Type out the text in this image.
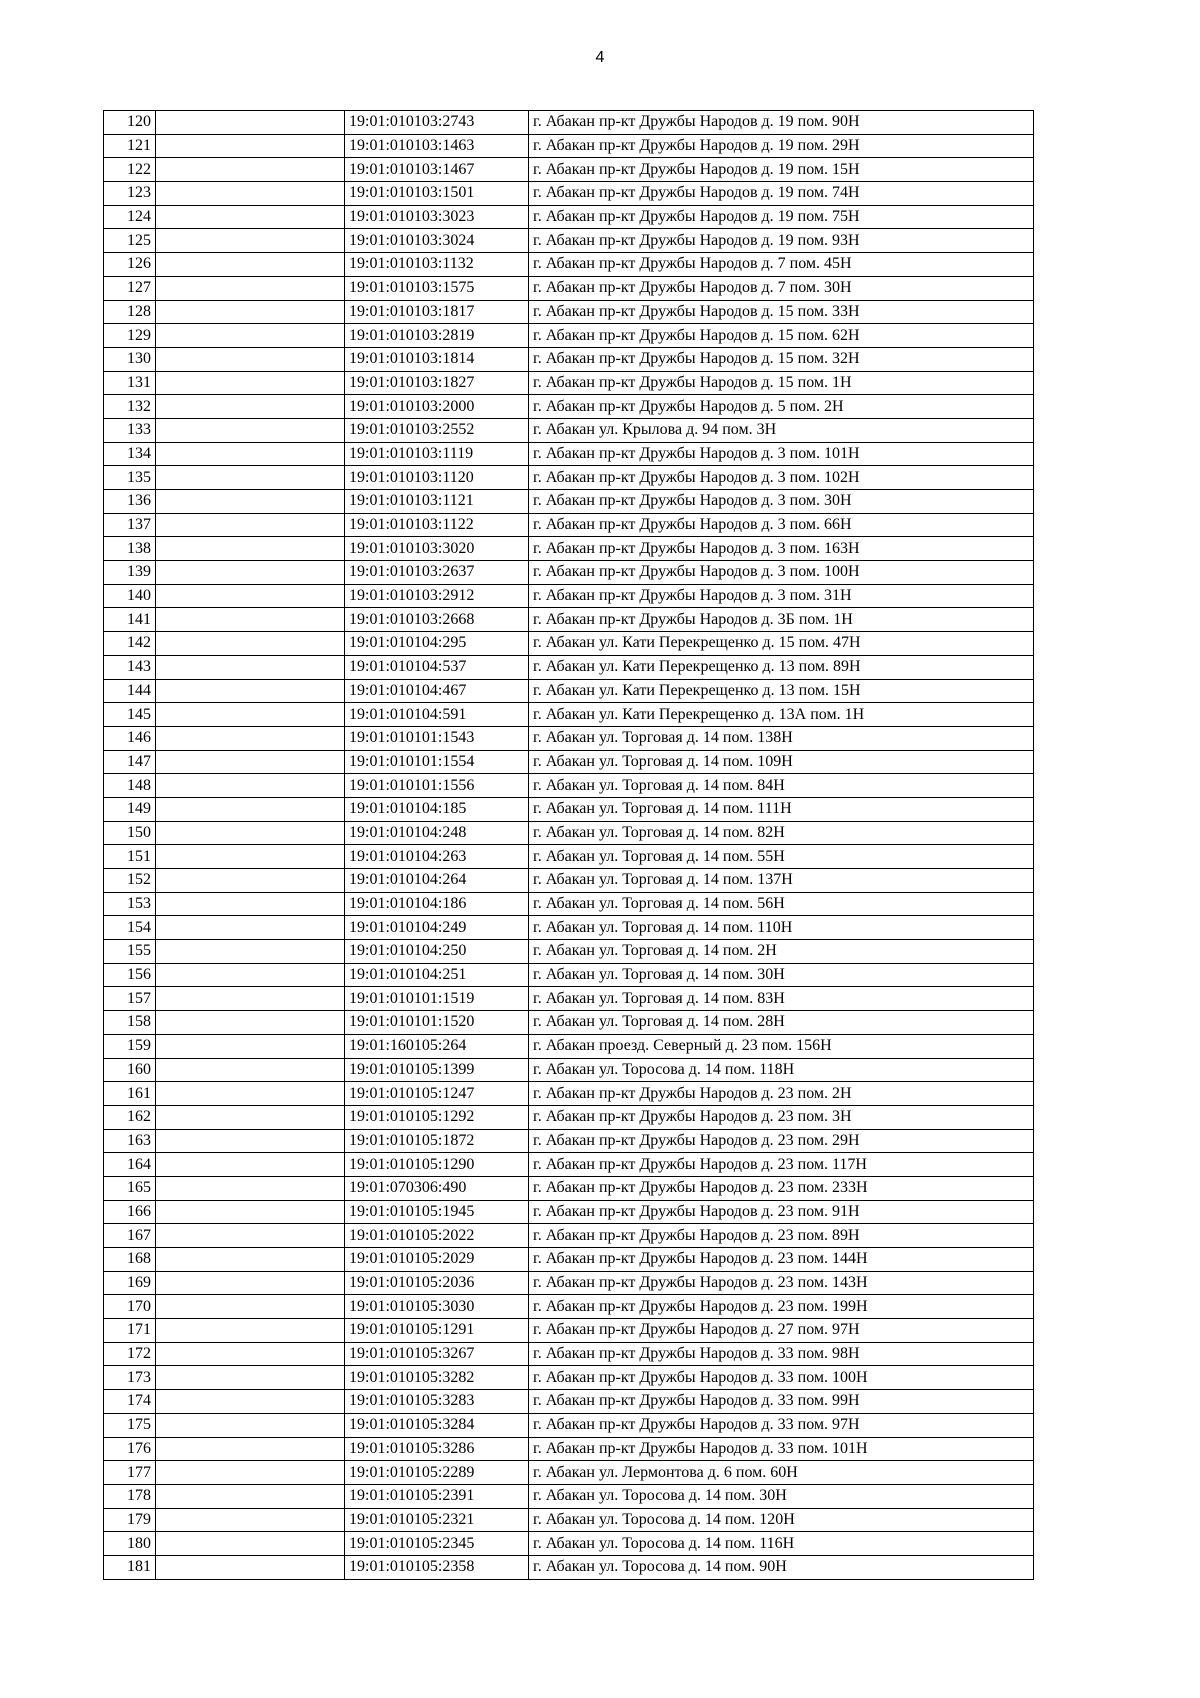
4
120		19:01:010103:2743	г. Абакан пр-кт Дружбы Народов д. 19 пом. 90Н
121		19:01:010103:1463	г. Абакан пр-кт Дружбы Народов д. 19 пом. 29Н
122		19:01:010103:1467	г. Абакан пр-кт Дружбы Народов д. 19 пом. 15Н
123		19:01:010103:1501	г. Абакан пр-кт Дружбы Народов д. 19 пом. 74Н
124		19:01:010103:3023	г. Абакан пр-кт Дружбы Народов д. 19 пом. 75Н
125		19:01:010103:3024	г. Абакан пр-кт Дружбы Народов д. 19 пом. 93Н
126		19:01:010103:1132	г. Абакан пр-кт Дружбы Народов д. 7 пом. 45Н
127		19:01:010103:1575	г. Абакан пр-кт Дружбы Народов д. 7 пом. 30Н
128		19:01:010103:1817	г. Абакан пр-кт Дружбы Народов д. 15 пом. 33Н
129		19:01:010103:2819	г. Абакан пр-кт Дружбы Народов д. 15 пом. 62Н
130		19:01:010103:1814	г. Абакан пр-кт Дружбы Народов д. 15 пом. 32Н
131		19:01:010103:1827	г. Абакан пр-кт Дружбы Народов д. 15 пом. 1Н
132		19:01:010103:2000	г. Абакан пр-кт Дружбы Народов д. 5 пом. 2Н
133		19:01:010103:2552	г. Абакан ул. Крылова д. 94 пом. 3Н
134		19:01:010103:1119	г. Абакан пр-кт Дружбы Народов д. 3 пом. 101Н
135		19:01:010103:1120	г. Абакан пр-кт Дружбы Народов д. 3 пом. 102Н
136		19:01:010103:1121	г. Абакан пр-кт Дружбы Народов д. 3 пом. 30Н
137		19:01:010103:1122	г. Абакан пр-кт Дружбы Народов д. 3 пом. 66Н
138		19:01:010103:3020	г. Абакан пр-кт Дружбы Народов д. 3 пом. 163Н
139		19:01:010103:2637	г. Абакан пр-кт Дружбы Народов д. 3 пом. 100Н
140		19:01:010103:2912	г. Абакан пр-кт Дружбы Народов д. 3 пом. 31Н
141		19:01:010103:2668	г. Абакан пр-кт Дружбы Народов д. 3Б пом. 1Н
142		19:01:010104:295	г. Абакан ул. Кати Перекрещенко д. 15 пом. 47Н
143		19:01:010104:537	г. Абакан ул. Кати Перекрещенко д. 13 пом. 89Н
144		19:01:010104:467	г. Абакан ул. Кати Перекрещенко д. 13 пом. 15Н
145		19:01:010104:591	г. Абакан ул. Кати Перекрещенко д. 13А пом. 1Н
146		19:01:010101:1543	г. Абакан ул. Торговая д. 14 пом. 138Н
147		19:01:010101:1554	г. Абакан ул. Торговая д. 14 пом. 109Н
148		19:01:010101:1556	г. Абакан ул. Торговая д. 14 пом. 84Н
149		19:01:010104:185	г. Абакан ул. Торговая д. 14 пом. 111Н
150		19:01:010104:248	г. Абакан ул. Торговая д. 14 пом. 82Н
151		19:01:010104:263	г. Абакан ул. Торговая д. 14 пом. 55Н
152		19:01:010104:264	г. Абакан ул. Торговая д. 14 пом. 137Н
153		19:01:010104:186	г. Абакан ул. Торговая д. 14 пом. 56Н
154		19:01:010104:249	г. Абакан ул. Торговая д. 14 пом. 110Н
155		19:01:010104:250	г. Абакан ул. Торговая д. 14 пом. 2Н
156		19:01:010104:251	г. Абакан ул. Торговая д. 14 пом. 30Н
157		19:01:010101:1519	г. Абакан ул. Торговая д. 14 пом. 83Н
158		19:01:010101:1520	г. Абакан ул. Торговая д. 14 пом. 28Н
159		19:01:160105:264	г. Абакан проезд. Северный д. 23 пом. 156Н
160		19:01:010105:1399	г. Абакан ул. Торосова д. 14 пом. 118Н
161		19:01:010105:1247	г. Абакан пр-кт Дружбы Народов д. 23 пом. 2Н
162		19:01:010105:1292	г. Абакан пр-кт Дружбы Народов д. 23 пом. 3Н
163		19:01:010105:1872	г. Абакан пр-кт Дружбы Народов д. 23 пом. 29Н
164		19:01:010105:1290	г. Абакан пр-кт Дружбы Народов д. 23 пом. 117Н
165		19:01:070306:490	г. Абакан пр-кт Дружбы Народов д. 23 пом. 233Н
166		19:01:010105:1945	г. Абакан пр-кт Дружбы Народов д. 23 пом. 91Н
167		19:01:010105:2022	г. Абакан пр-кт Дружбы Народов д. 23 пом. 89Н
168		19:01:010105:2029	г. Абакан пр-кт Дружбы Народов д. 23 пом. 144Н
169		19:01:010105:2036	г. Абакан пр-кт Дружбы Народов д. 23 пом. 143Н
170		19:01:010105:3030	г. Абакан пр-кт Дружбы Народов д. 23 пом. 199Н
171		19:01:010105:1291	г. Абакан пр-кт Дружбы Народов д. 27 пом. 97Н
172		19:01:010105:3267	г. Абакан пр-кт Дружбы Народов д. 33 пом. 98Н
173		19:01:010105:3282	г. Абакан пр-кт Дружбы Народов д. 33 пом. 100Н
174		19:01:010105:3283	г. Абакан пр-кт Дружбы Народов д. 33 пом. 99Н
175		19:01:010105:3284	г. Абакан пр-кт Дружбы Народов д. 33 пом. 97Н
176		19:01:010105:3286	г. Абакан пр-кт Дружбы Народов д. 33 пом. 101Н
177		19:01:010105:2289	г. Абакан ул. Лермонтова д. 6 пом. 60Н
178		19:01:010105:2391	г. Абакан ул. Торосова д. 14 пом. 30Н
179		19:01:010105:2321	г. Абакан ул. Торосова д. 14 пом. 120Н
180		19:01:010105:2345	г. Абакан ул. Торосова д. 14 пом. 116Н
181		19:01:010105:2358	г. Абакан ул. Торосова д. 14 пом. 90Н
